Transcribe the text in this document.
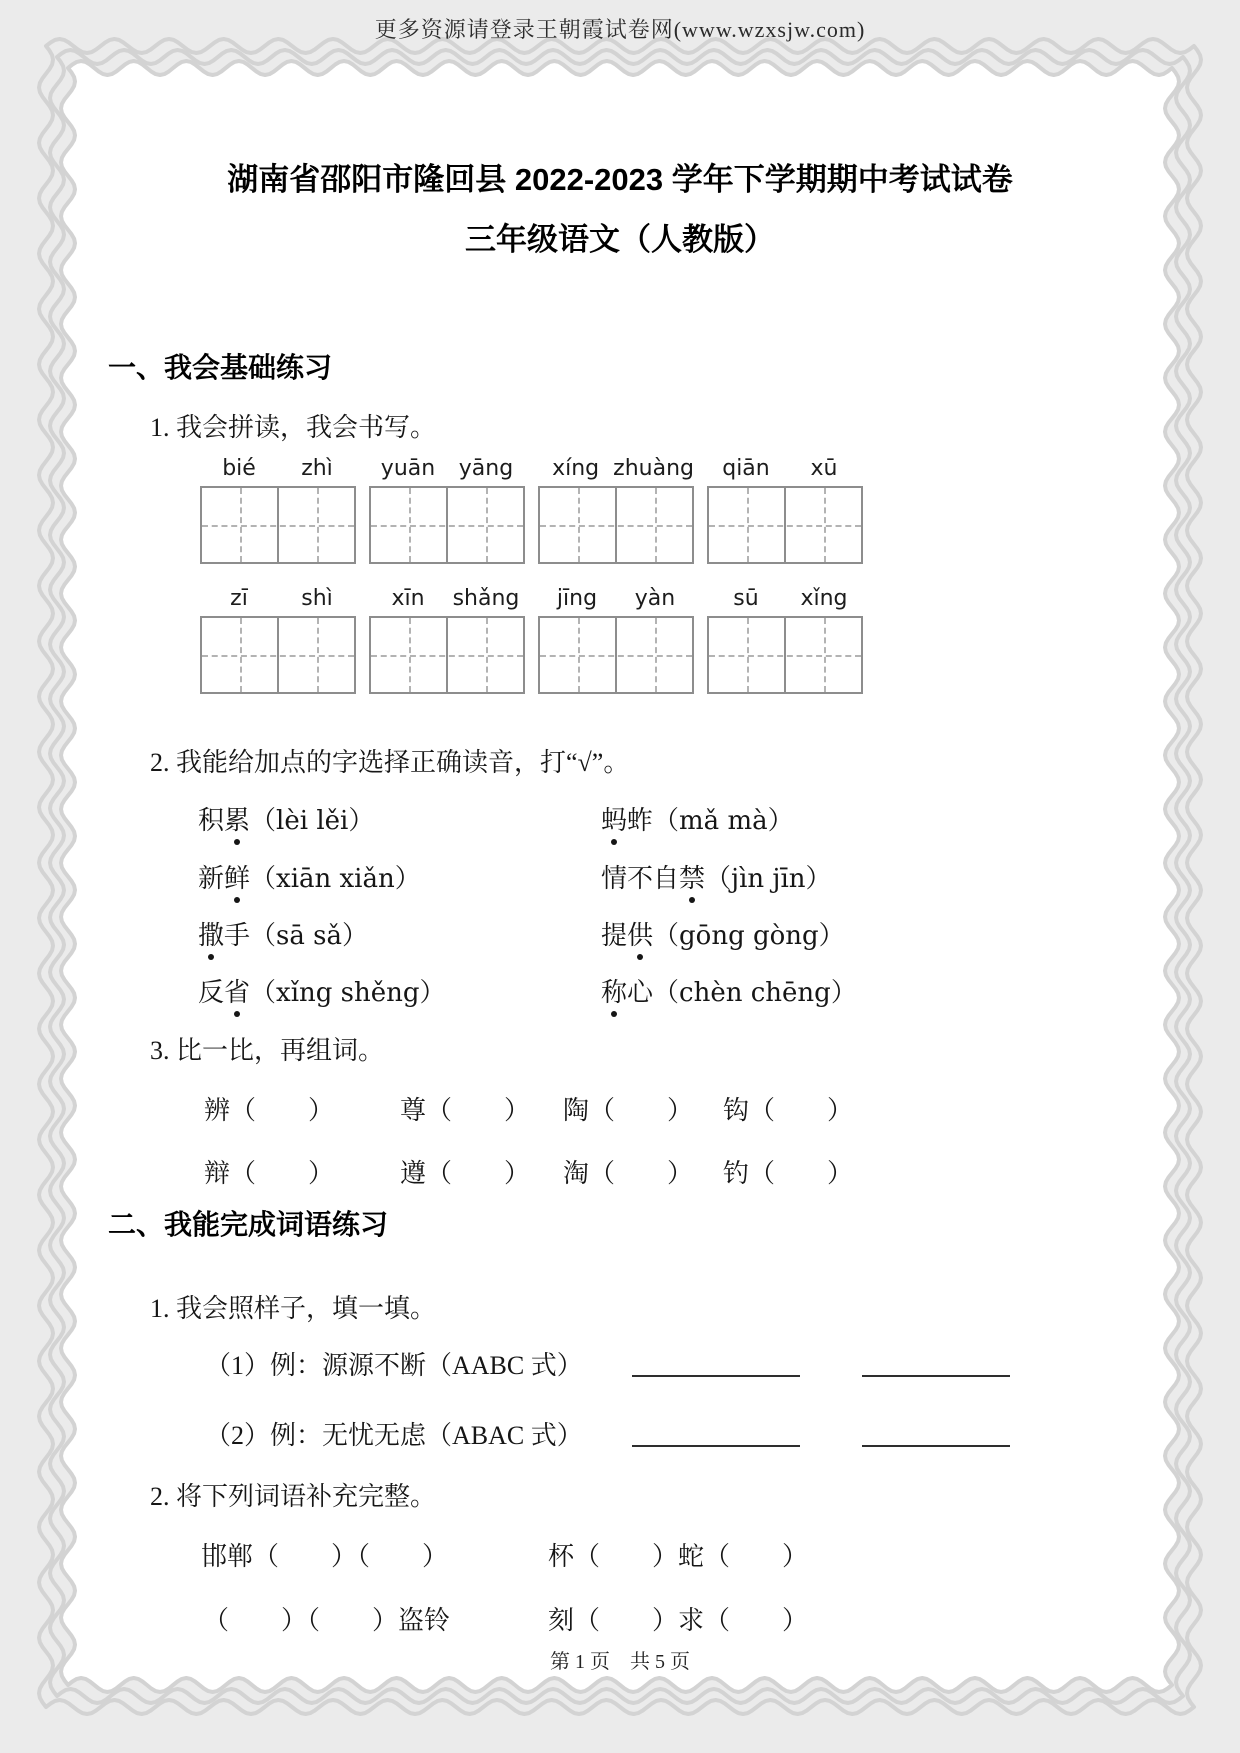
更多资源请登录王朝霞试卷网(www.wzxsjw.com)
湖南省邵阳市隆回县 2022-2023 学年下学期期中考试试卷
三年级语文（人教版）
一、我会基础练习
1. 我会拼读，我会书写。
bié	zhì	yuān	yāng	xíng zhuàng	qiān	xū
zī	shì	xīn	shǎng	jīng	yàn	sū	xǐng
2. 我能给加点的字选择正确读音，打“√”。
积累（lèi lěi）	蚂蚱（mǎ mà）
新鲜（xiān xiǎn）	情不自禁（jìn jīn）
撒手（sā sǎ）	提供（gōng gòng）
反省（xǐng shěng）	称心（chèn chēng）
3. 比一比，再组词。
辨（　　）	尊（　　） 陶（　　） 钩（　　）
辩（　　）	遵（　　） 淘（　　） 钓（　　）
二、我能完成词语练习
1. 我会照样子，填一填。
（1）例：源源不断（AABC 式）
（2）例：无忧无虑（ABAC 式）
2. 将下列词语补充完整。
邯郸（　　）（　　）	杯（　　）蛇（　　）
（　　）（　　）盗铃	刻（　　）求（　　）
第 1 页　共 5 页
